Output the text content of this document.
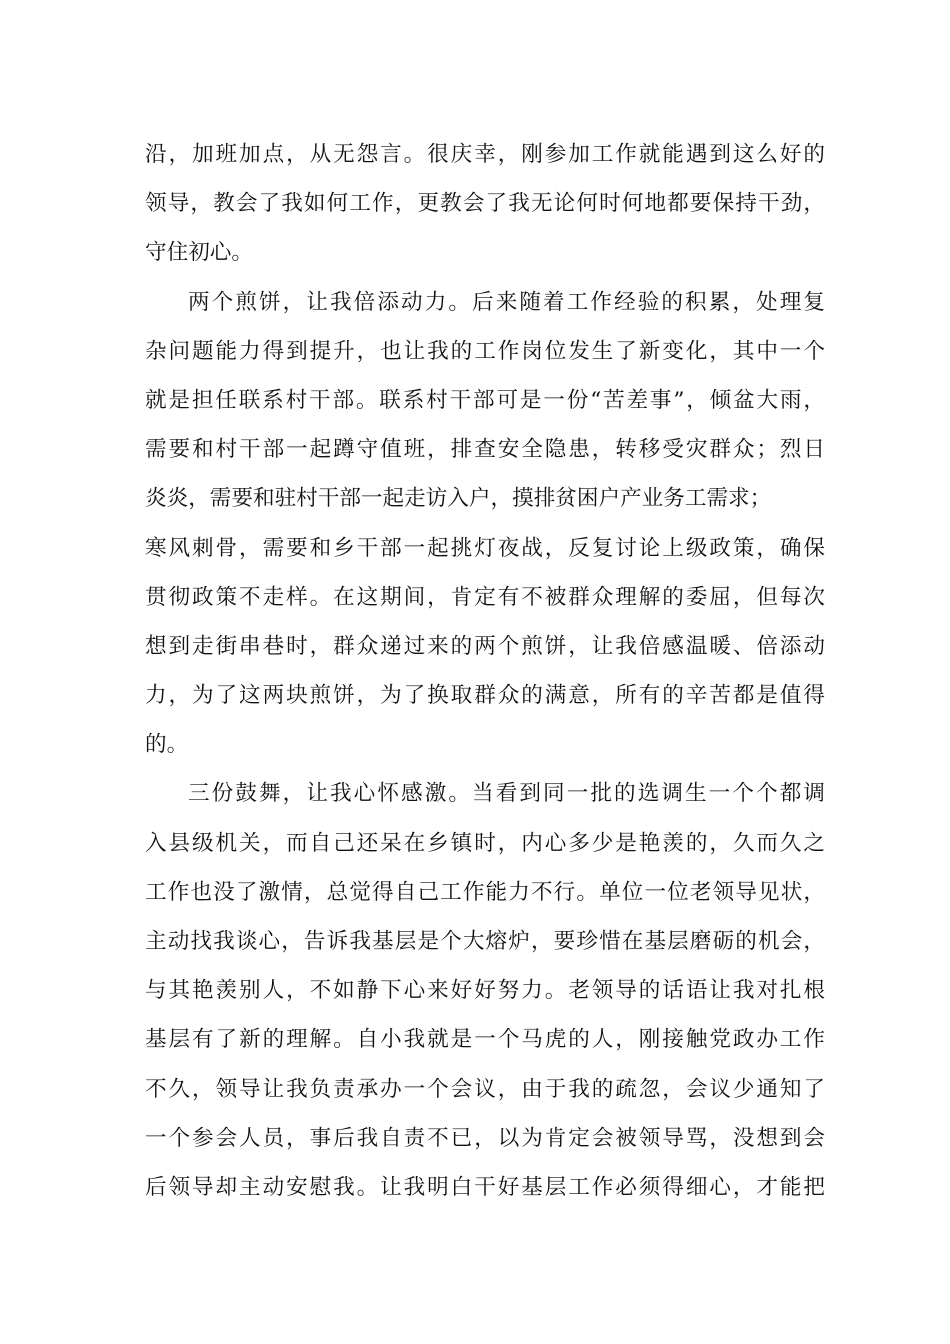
沿，加班加点，从无怨言。很庆幸，刚参加工作就能遇到这么好的
领导，教会了我如何工作，更教会了我无论何时何地都要保持干劲，
守住初心。
两个煎饼，让我倍添动力。后来随着工作经验的积累，处理复
杂问题能力得到提升，也让我的工作岗位发生了新变化，其中一个
就是担任联系村干部。联系村干部可是一份“苦差事”，倾盆大雨，
需要和村干部一起蹲守值班，排查安全隐患，转移受灾群众；烈日
炎炎，需要和驻村干部一起走访入户，摸排贫困户产业务工需求；
寒风刺骨，需要和乡干部一起挑灯夜战，反复讨论上级政策，确保
贯彻政策不走样。在这期间，肯定有不被群众理解的委屈，但每次
想到走街串巷时，群众递过来的两个煎饼，让我倍感温暖、倍添动
力，为了这两块煎饼，为了换取群众的满意，所有的辛苦都是值得
的。
三份鼓舞，让我心怀感激。当看到同一批的选调生一个个都调
入县级机关，而自己还呆在乡镇时，内心多少是艳羡的，久而久之
工作也没了激情，总觉得自己工作能力不行。单位一位老领导见状，
主动找我谈心，告诉我基层是个大熔炉，要珍惜在基层磨砺的机会，
与其艳羡别人，不如静下心来好好努力。老领导的话语让我对扎根
基层有了新的理解。自小我就是一个马虎的人，刚接触党政办工作
不久，领导让我负责承办一个会议，由于我的疏忽，会议少通知了
一个参会人员，事后我自责不已，以为肯定会被领导骂，没想到会
后领导却主动安慰我。让我明白干好基层工作必须得细心，才能把
